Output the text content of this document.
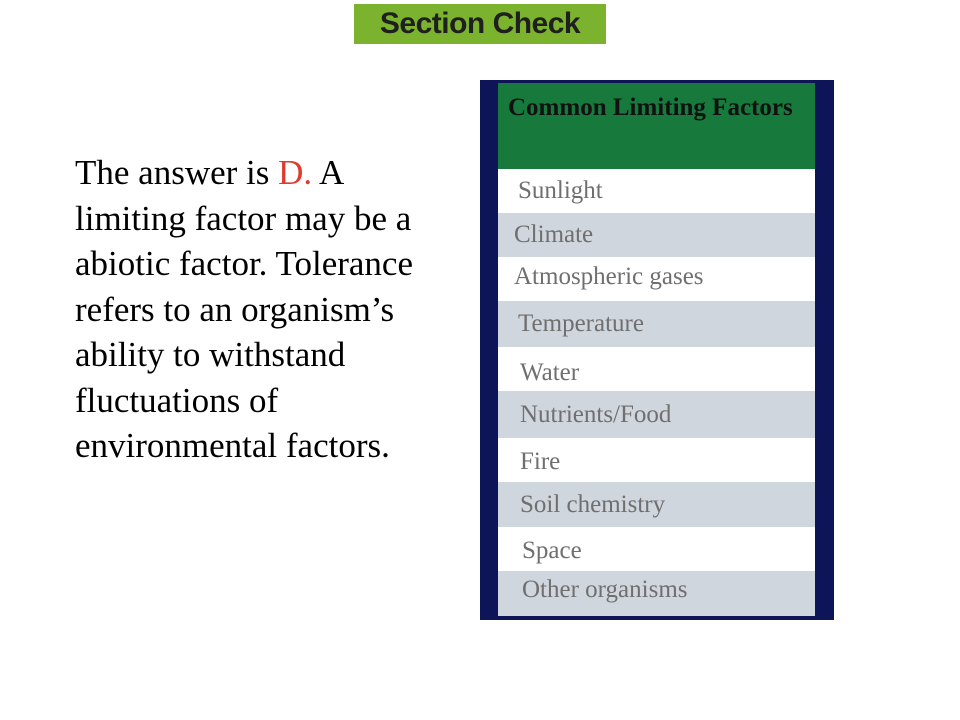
Section Check

The answer is D. A limiting factor may be a abiotic factor. Tolerance refers to an organism’s ability to withstand fluctuations of environmental factors.

Common Limiting Factors
Sunlight
Climate
Atmospheric gases
Temperature
Water
Nutrients/Food
Fire
Soil chemistry
Space
Other organisms
